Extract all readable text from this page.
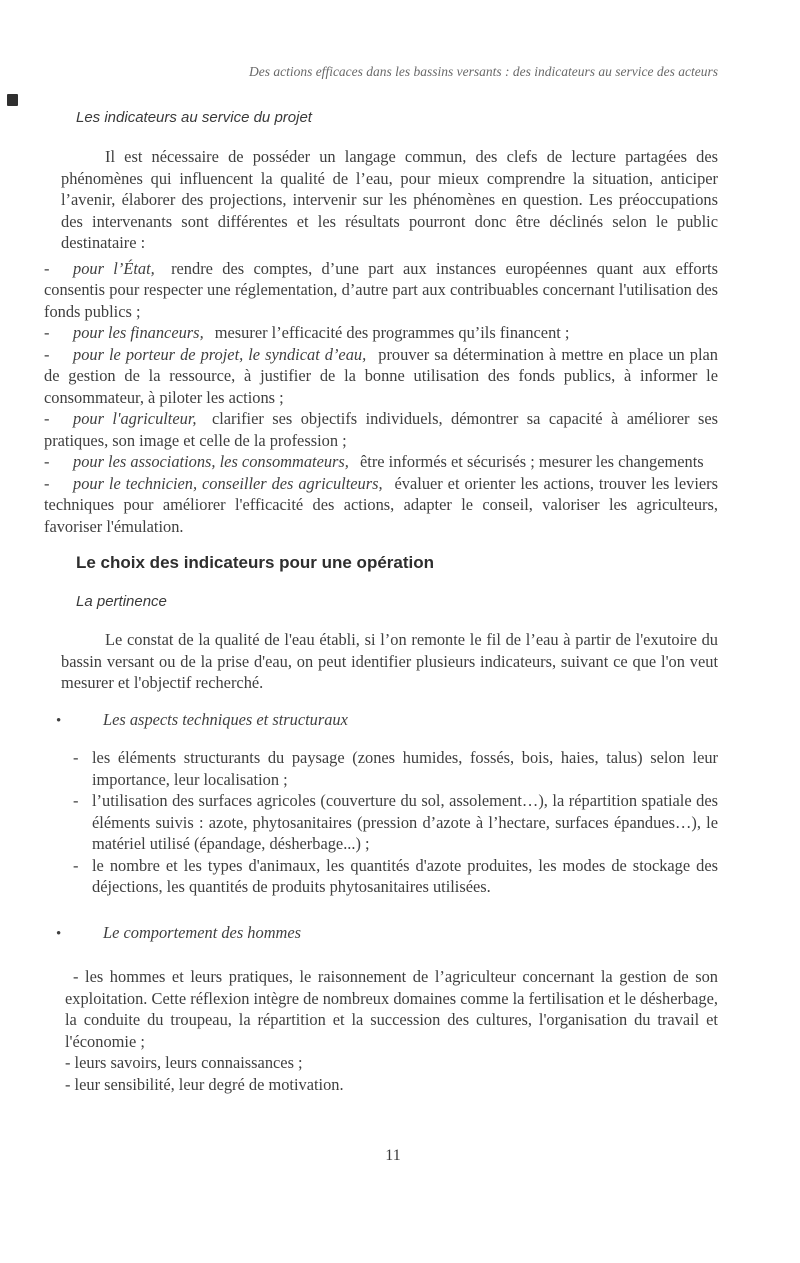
Des actions efficaces dans les bassins versants : des indicateurs au service des acteurs
Les indicateurs au service du projet

Il est nécessaire de posséder un langage commun, des clefs de lecture partagées des phénomènes qui influencent la qualité de l’eau, pour mieux comprendre la situation, anticiper l’avenir, élaborer des projections, intervenir sur les phénomènes en question. Les préoccupations des intervenants sont différentes et les résultats pourront donc être déclinés selon le public destinataire :

- pour l’État, rendre des comptes, d’une part aux instances européennes quant aux efforts consentis pour respecter une réglementation, d’autre part aux contribuables concernant l'utilisation des fonds publics ;

- pour les financeurs, mesurer l’efficacité des programmes qu’ils financent ;

- pour le porteur de projet, le syndicat d’eau, prouver sa détermination à mettre en place un plan de gestion de la ressource, à justifier de la bonne utilisation des fonds publics, à informer le consommateur, à piloter les actions ;

- pour l'agriculteur, clarifier ses objectifs individuels, démontrer sa capacité à améliorer ses pratiques, son image et celle de la profession ;

- pour les associations, les consommateurs, être informés et sécurisés ; mesurer les changements

- pour le technicien, conseiller des agriculteurs, évaluer et orienter les actions, trouver les leviers techniques pour améliorer l'efficacité des actions, adapter le conseil, valoriser les agriculteurs, favoriser l'émulation.

Le choix des indicateurs pour une opération
La pertinence

Le constat de la qualité de l'eau établi, si l’on remonte le fil de l’eau à partir de l'exutoire du bassin versant ou de la prise d'eau, on peut identifier plusieurs indicateurs, suivant ce que l'on veut mesurer et l'objectif recherché.

•	Les aspects techniques et structuraux

- les éléments structurants du paysage (zones humides, fossés, bois, haies, talus) selon leur importance, leur localisation ;

- l’utilisation des surfaces agricoles (couverture du sol, assolement…), la répartition spatiale des éléments suivis : azote, phytosanitaires (pression d’azote à l’hectare, surfaces épandues…), le matériel utilisé (épandage, désherbage...) ;

- le nombre et les types d'animaux, les quantités d'azote produites, les modes de stockage des déjections, les quantités de produits phytosanitaires utilisées.

•	Le comportement des hommes

- les hommes et leurs pratiques, le raisonnement de l’agriculteur concernant la gestion de son exploitation. Cette réflexion intègre de nombreux domaines comme la fertilisation et le désherbage, la conduite du troupeau, la répartition et la succession des cultures, l'organisation du travail et l'économie ;

- leurs savoirs, leurs connaissances ;

- leur sensibilité, leur degré de motivation.

11
